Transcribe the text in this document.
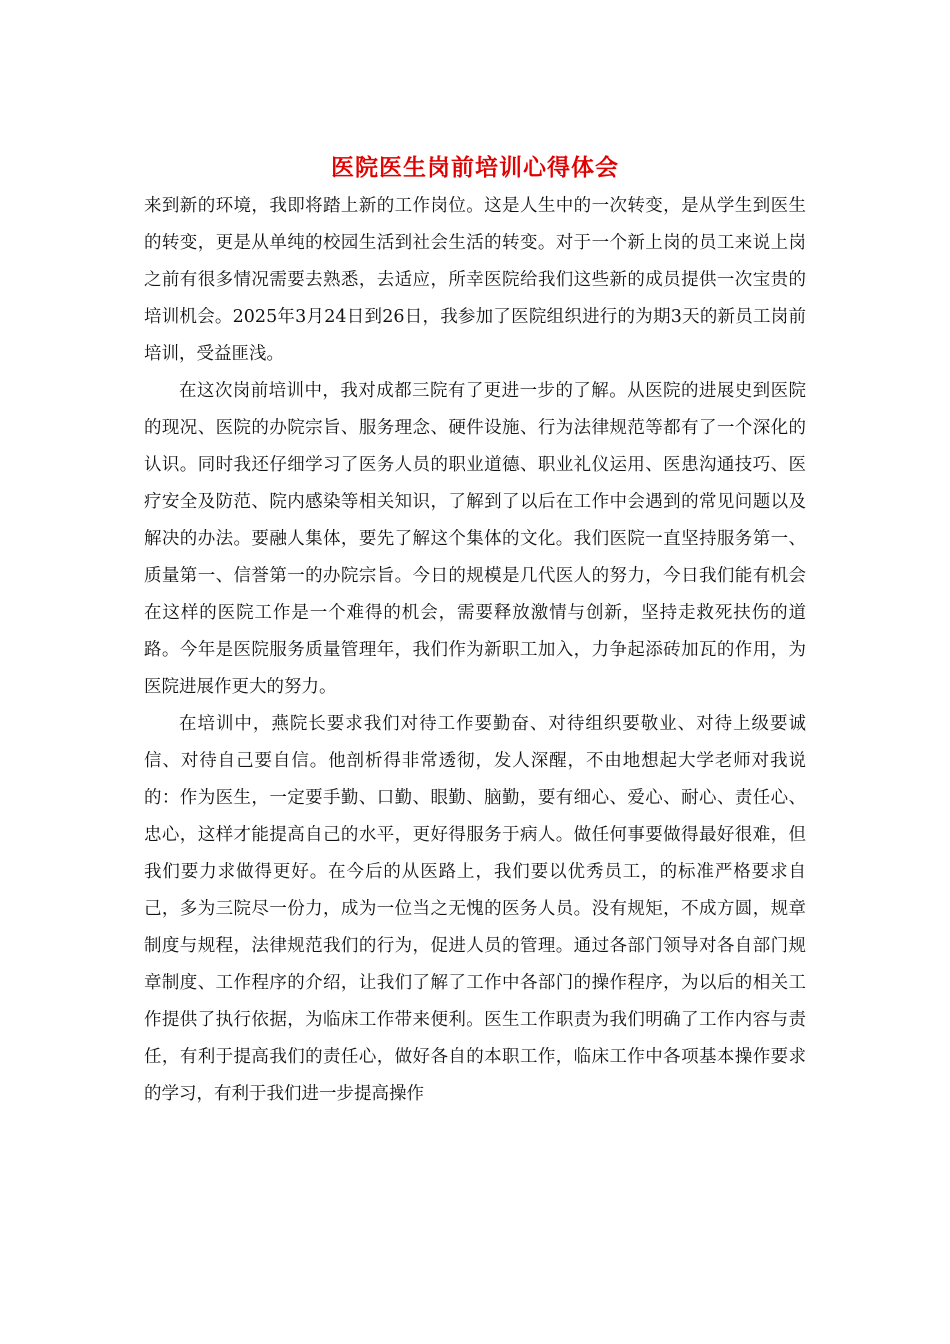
医院医生岗前培训心得体会

来到新的环境，我即将踏上新的工作岗位。这是人生中的一次转变，是从学生到医生的转变，更是从单纯的校园生活到社会生活的转变。对于一个新上岗的员工来说上岗之前有很多情况需要去熟悉，去适应，所幸医院给我们这些新的成员提供一次宝贵的培训机会。2025年3月24日到26日，我参加了医院组织进行的为期3天的新员工岗前培训，受益匪浅。

在这次岗前培训中，我对成都三院有了更进一步的了解。从医院的进展史到医院的现况、医院的办院宗旨、服务理念、硬件设施、行为法律规范等都有了一个深化的认识。同时我还仔细学习了医务人员的职业道德、职业礼仪运用、医患沟通技巧、医疗安全及防范、院内感染等相关知识，了解到了以后在工作中会遇到的常见问题以及解决的办法。要融人集体，要先了解这个集体的文化。我们医院一直坚持服务第一、质量第一、信誉第一的办院宗旨。今日的规模是几代医人的努力，今日我们能有机会在这样的医院工作是一个难得的机会，需要释放激情与创新，坚持走救死扶伤的道路。今年是医院服务质量管理年，我们作为新职工加入，力争起添砖加瓦的作用，为医院进展作更大的努力。

在培训中，燕院长要求我们对待工作要勤奋、对待组织要敬业、对待上级要诚信、对待自己要自信。他剖析得非常透彻，发人深醒，不由地想起大学老师对我说的：作为医生，一定要手勤、口勤、眼勤、脑勤，要有细心、爱心、耐心、责任心、忠心，这样才能提高自己的水平，更好得服务于病人。做任何事要做得最好很难，但我们要力求做得更好。在今后的从医路上，我们要以优秀员工，的标准严格要求自己，多为三院尽一份力，成为一位当之无愧的医务人员。没有规矩，不成方圆，规章制度与规程，法律规范我们的行为，促进人员的管理。通过各部门领导对各自部门规章制度、工作程序的介绍，让我们了解了工作中各部门的操作程序，为以后的相关工作提供了执行依据，为临床工作带来便利。医生工作职责为我们明确了工作内容与责任，有利于提高我们的责任心，做好各自的本职工作，临床工作中各项基本操作要求的学习，有利于我们进一步提高操作
